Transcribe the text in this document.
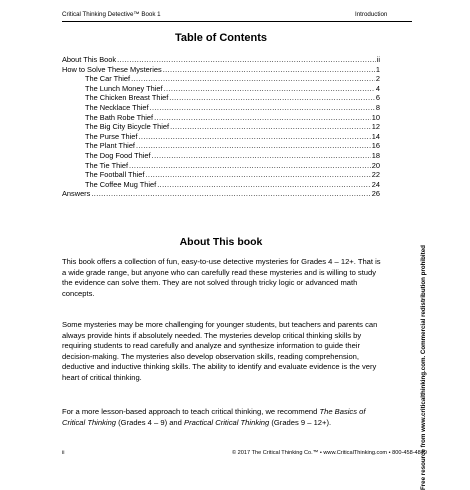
Critical Thinking Detective™ Book 1	Introduction
Table of Contents
About This Book .....	ii
How to Solve These Mysteries .....	1
The Car Thief .....	2
The Lunch Money Thief .....	4
The Chicken Breast Thief .....	6
The Necklace Thief .....	8
The Bath Robe Thief .....	10
The Big City Bicycle Thief .....	12
The Purse Thief .....	14
The Plant Thief .....	16
The Dog Food Thief .....	18
The Tie Thief .....	20
The Football Thief .....	22
The Coffee Mug Thief .....	24
Answers .....	26
About This book

This book offers a collection of fun, easy-to-use detective mysteries for Grades 4 – 12+. That is a wide grade range, but anyone who can carefully read these mysteries and is willing to study the evidence can solve them. They are not solved through tricky logic or advanced math concepts.

Some mysteries may be more challenging for younger students, but teachers and parents can always provide hints if absolutely needed. The mysteries develop critical thinking skills by requiring students to read carefully and analyze and synthesize information to guide their decision-making. The mysteries also develop observation skills, reading comprehension, deductive and inductive thinking skills. The ability to identify and evaluate evidence is the very heart of critical thinking.

For a more lesson-based approach to teach critical thinking, we recommend The Basics of Critical Thinking (Grades 4 – 9) and Practical Critical Thinking (Grades 9 – 12+).	Free resource from www.criticalthinking.com. Commercial redistribution prohibited
ii	© 2017 The Critical Thinking Co.™ • www.CriticalThinking.com • 800-458-4849
